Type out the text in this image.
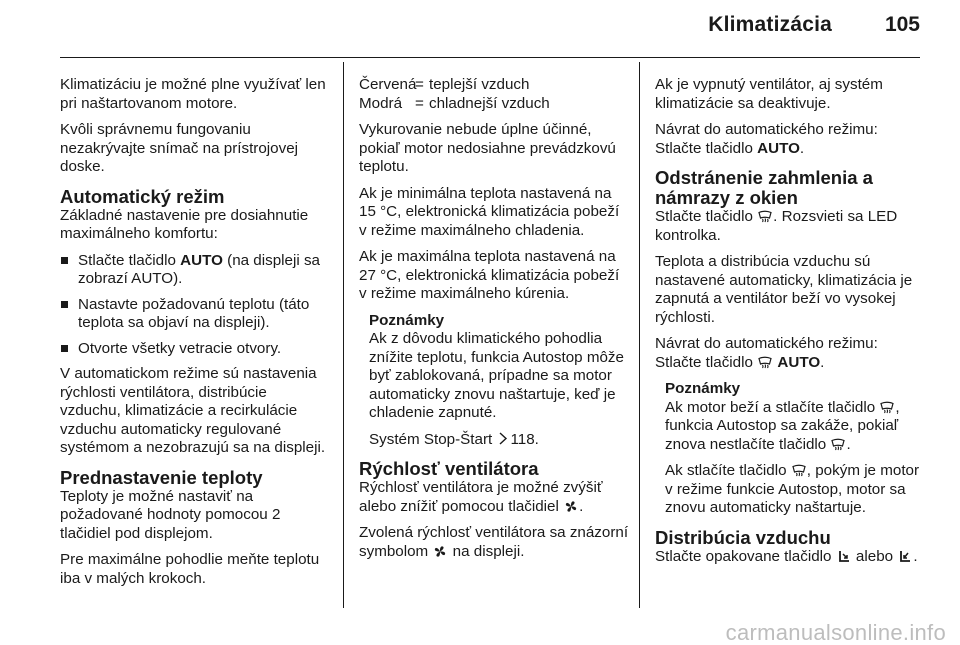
Klimatizácia	105

Klimatizáciu je možné plne využívať len pri naštartovanom motore.

Kvôli správnemu fungovaniu nezakrývajte snímač na prístrojovej doske.

Automatický režim

Základné nastavenie pre dosiahnutie maximálneho komfortu:

Stlačte tlačidlo AUTO (na displeji sa zobrazí AUTO).
Nastavte požadovanú teplotu (táto teplota sa objaví na displeji).
Otvorte všetky vetracie otvory.

V automatickom režime sú nastavenia rýchlosti ventilátora, distribúcie vzduchu, klimatizácie a recirkulácie vzduchu automaticky regulované systémom a nezobrazujú sa na displeji.

Prednastavenie teploty

Teploty je možné nastaviť na požadované hodnoty pomocou 2 tlačidiel pod displejom.

Pre maximálne pohodlie meňte teplotu iba v malých krokoch.

Červená
= teplejší vzduch
Modrá = chladnejší vzduch

Vykurovanie nebude úplne účinné, pokiaľ motor nedosiahne prevádzkovú teplotu.

Ak je minimálna teplota nastavená na 15 °C, elektronická klimatizácia pobeží v režime maximálneho chladenia.

Ak je maximálna teplota nastavená na 27 °C, elektronická klimatizácia pobeží v režime maximálneho kúrenia.

Poznámky

Ak z dôvodu klimatického pohodlia znížite teplotu, funkcia Autostop môže byť zablokovaná, prípadne sa motor automaticky znovu naštartuje, keď je chladenie zapnuté.

Systém Stop-Štart 118.

Rýchlosť ventilátora

Rýchlosť ventilátora je možné zvýšiť alebo znížiť pomocou tlačidiel .

Zvolená rýchlosť ventilátora sa znázorní symbolom  na displeji.

Ak je vypnutý ventilátor, aj systém klimatizácie sa deaktivuje.

Návrat do automatického režimu: Stlačte tlačidlo AUTO.

Odstránenie zahmlenia a námrazy z okien

Stlačte tlačidlo . Rozsvieti sa LED kontrolka.

Teplota a distribúcia vzduchu sú nastavené automaticky, klimatizácia je zapnutá a ventilátor beží vo vysokej rýchlosti.

Návrat do automatického režimu: Stlačte tlačidlo AUTO.

Poznámky

Ak motor beží a stlačíte tlačidlo , funkcia Autostop sa zakáže, pokiaľ znova nestlačíte tlačidlo .

Ak stlačíte tlačidlo , pokým je motor v režime funkcie Autostop, motor sa znovu automaticky naštartuje.

Distribúcia vzduchu

Stlačte opakovane tlačidlo  alebo .

carmanualsonline.info
